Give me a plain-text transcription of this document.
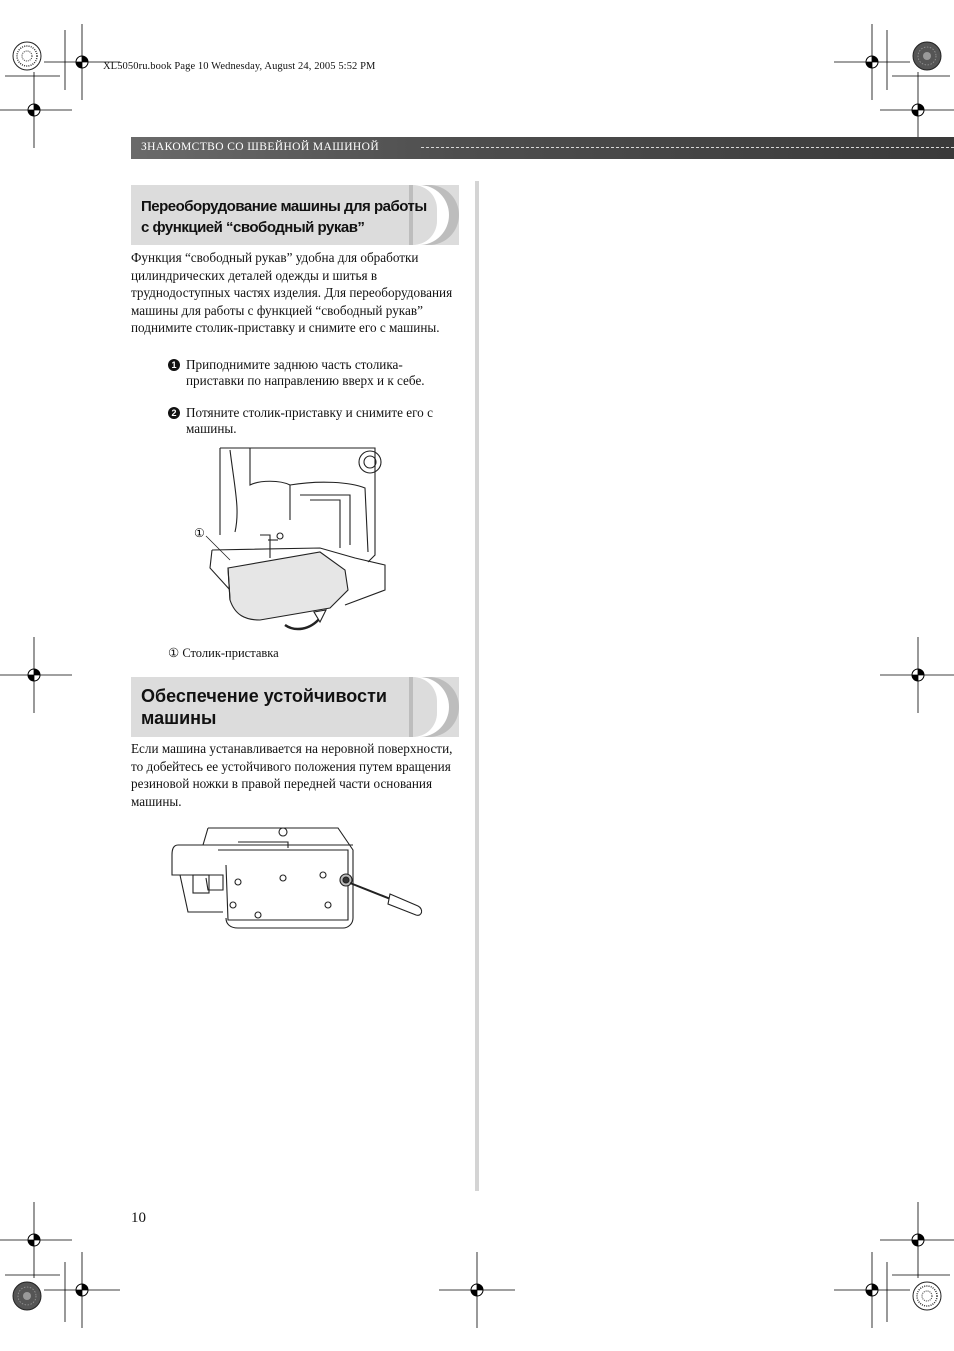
XL5050ru.book Page 10 Wednesday, August 24, 2005 5:52 PM
ЗНАКОМСТВО СО ШВЕЙНОЙ МАШИНОЙ
Переоборудование машины для работы
с функцией “свободный рукав”
Функция “свободный рукав” удобна для обработки цилиндрических деталей одежды и шитья в труднодоступных частях изделия. Для переоборудования машины для работы с функцией “свободный рукав” поднимите столик-приставку и снимите его с машины.
1 Приподнимите заднюю часть столика-приставки по направлению вверх и к себе.
2 Потяните столик-приставку и снимите его с машины.
①
① Столик-приставка
Обеспечение устойчивости
машины
Если машина устанавливается на неровной поверхности, то добейтесь ее устойчивого положения путем вращения резиновой ножки в правой передней части основания машины.
10
